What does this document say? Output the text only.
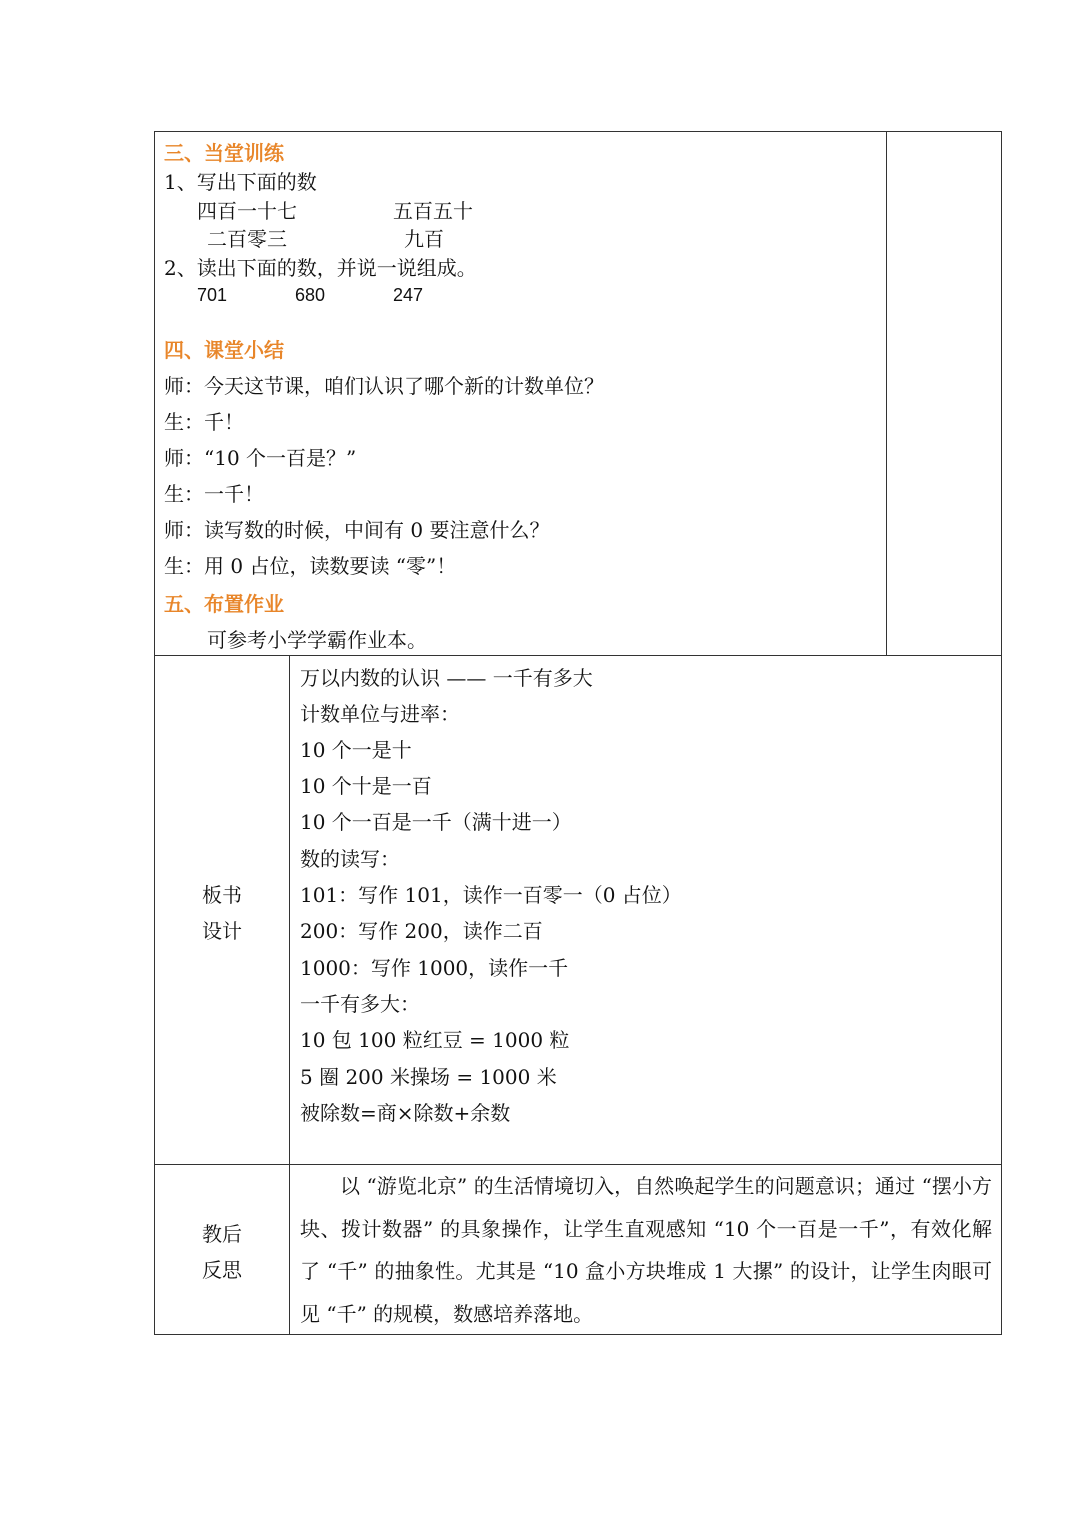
三、当堂训练
1、写出下面的数
四百一十七	五百五十
二百零三	九百
2、读出下面的数，并说一说组成。
701	680	247
四、课堂小结
师：今天这节课，咱们认识了哪个新的计数单位？
生：千！
师：“10 个一百是？”
生：一千！
师：读写数的时候，中间有 0 要注意什么？
生：用 0 占位，读数要读 “零”！
五、布置作业
可参考小学学霸作业本。
板书
设计
万以内数的认识 —— 一千有多大
计数单位与进率：
10 个一是十
10 个十是一百
10 个一百是一千（满十进一）
数的读写：
101：写作 101，读作一百零一（0 占位）
200：写作 200，读作二百
1000：写作 1000，读作一千
一千有多大：
10 包 100 粒红豆 = 1000 粒
5 圈 200 米操场 = 1000 米
被除数=商×除数+余数
教后
反思
以 “游览北京” 的生活情境切入，自然唤起学生的问题意识；通过 “摆小方块、拨计数器” 的具象操作，让学生直观感知 “10 个一百是一千”，有效化解了 “千” 的抽象性。尤其是 “10 盒小方块堆成 1 大摞” 的设计，让学生肉眼可见 “千” 的规模，数感培养落地。
